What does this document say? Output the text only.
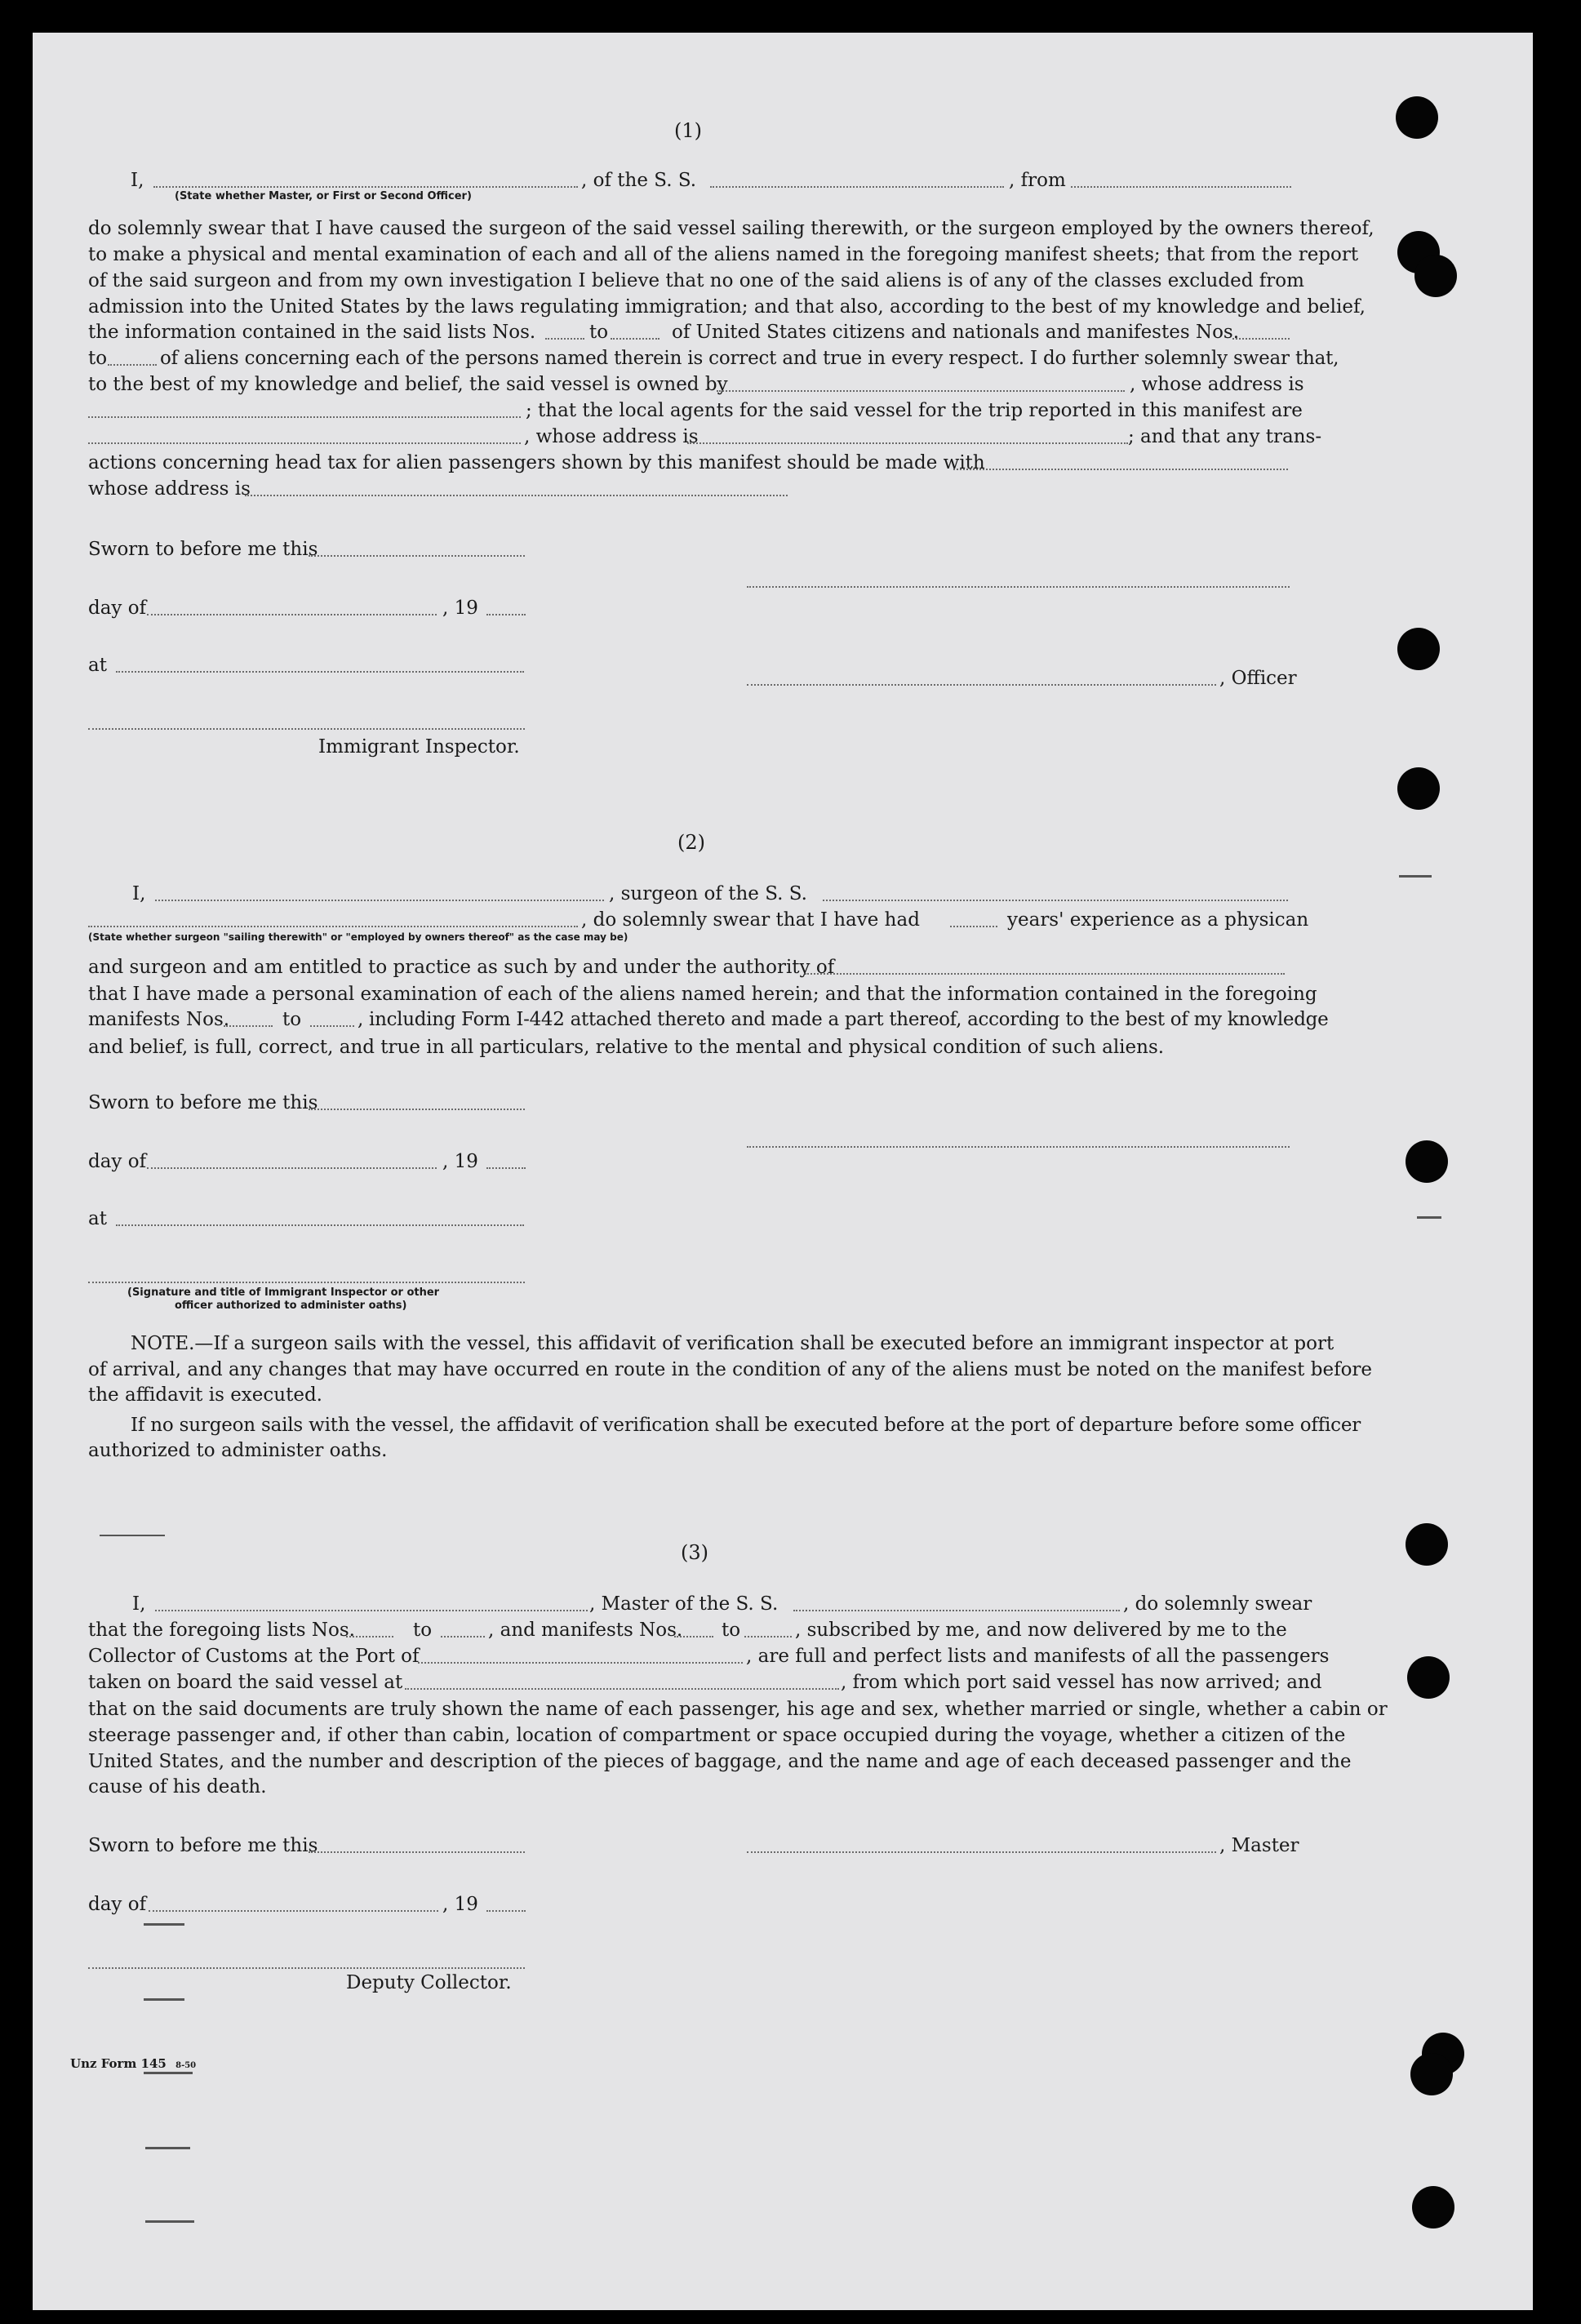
(1)
I,	, of the S. S.	, from
(State whether Master, or First or Second Officer)
do solemnly swear that I have caused the surgeon of the said vessel sailing therewith, or the surgeon employed by the owners thereof,
to make a physical and mental examination of each and all of the aliens named in the foregoing manifest sheets; that from the report
of the said surgeon and from my own investigation I believe that no one of the said aliens is of any of the classes excluded from
admission into the United States by the laws regulating immigration; and that also, according to the best of my knowledge and belief,
the information contained in the said lists Nos.	to	of United States citizens and nationals and manifestes Nos.
to	of aliens concerning each of the persons named therein is correct and true in every respect. I do further solemnly swear that,
to the best of my knowledge and belief, the said vessel is owned by	, whose address is
; that the local agents for the said vessel for the trip reported in this manifest are
, whose address is	; and that any trans-
actions concerning head tax for alien passengers shown by this manifest should be made with
whose address is
Sworn to before me this
day of	, 19
at
, Officer
Immigrant Inspector.
(2)
I,	, surgeon of the S. S.
, do solemnly swear that I have had	years' experience as a physican
(State whether surgeon "sailing therewith" or "employed by owners thereof" as the case may be)
and surgeon and am entitled to practice as such by and under the authority of
that I have made a personal examination of each of the aliens named herein; and that the information contained in the foregoing
manifests Nos.	to	, including Form I-442 attached thereto and made a part thereof, according to the best of my knowledge
and belief, is full, correct, and true in all particulars, relative to the mental and physical condition of such aliens.
Sworn to before me this
day of	, 19
at
(Signature and title of Immigrant Inspector or other
officer authorized to administer oaths)
NOTE.—If a surgeon sails with the vessel, this affidavit of verification shall be executed before an immigrant inspector at port
of arrival, and any changes that may have occurred en route in the condition of any of the aliens must be noted on the manifest before
the affidavit is executed.
If no surgeon sails with the vessel, the affidavit of verification shall be executed before at the port of departure before some officer
authorized to administer oaths.
(3)
I,	, Master of the S. S.	, do solemnly swear
that the foregoing lists Nos.	to	, and manifests Nos. to	, subscribed by me, and now delivered by me to the
Collector of Customs at the Port of	, are full and perfect lists and manifests of all the passengers
taken on board the said vessel at	, from which port said vessel has now arrived; and
that on the said documents are truly shown the name of each passenger, his age and sex, whether married or single, whether a cabin or
steerage passenger and, if other than cabin, location of compartment or space occupied during the voyage, whether a citizen of the
United States, and the number and description of the pieces of baggage, and the name and age of each deceased passenger and the
cause of his death.
Sworn to before me this	, Master
day of	, 19
Deputy Collector.
Unz Form 145 8-50
